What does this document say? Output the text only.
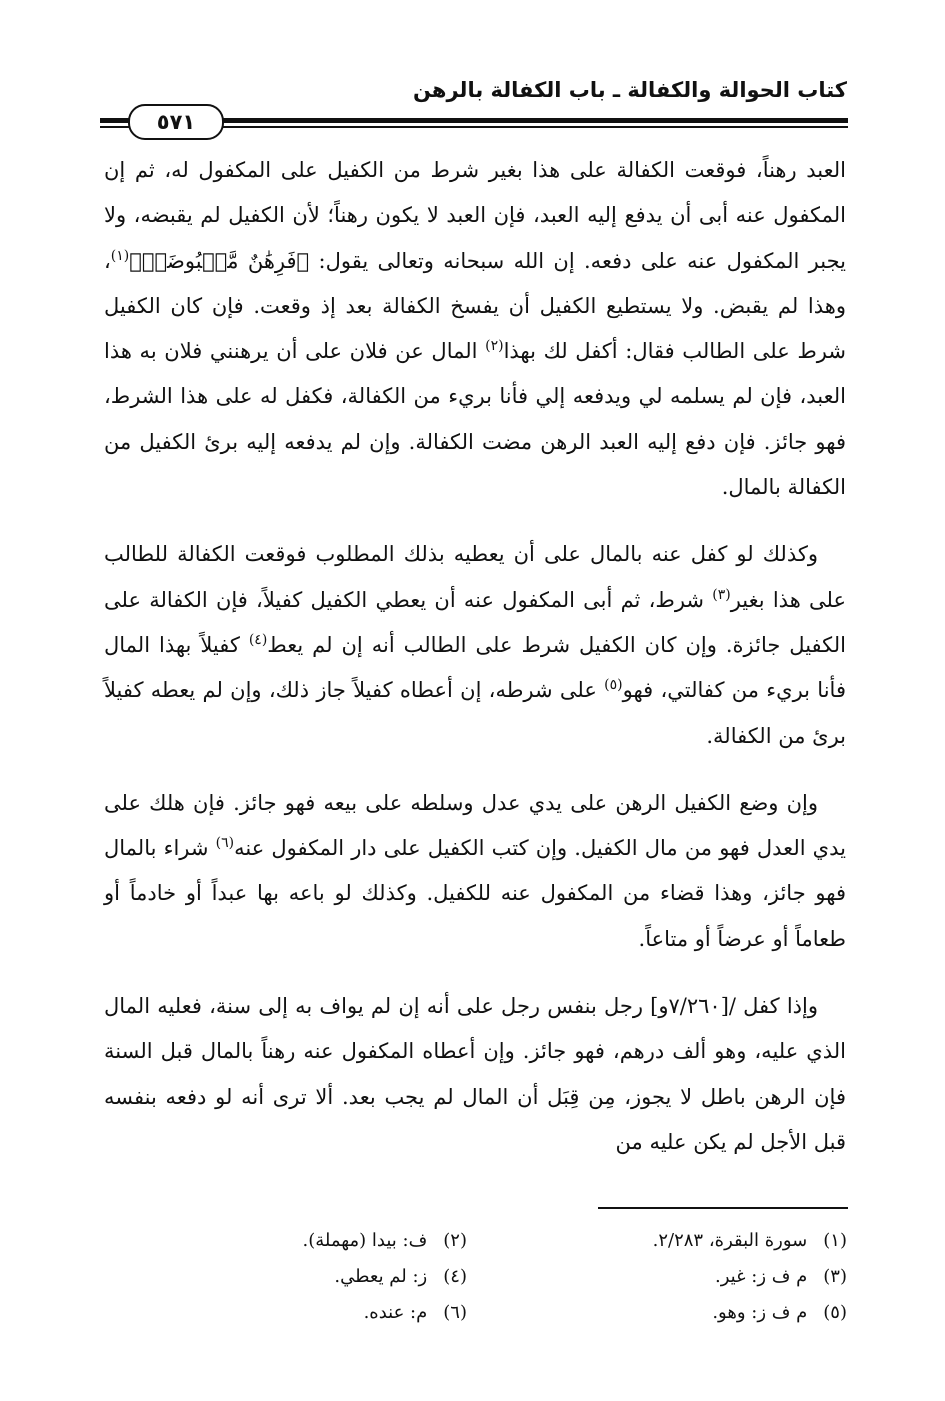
كتاب الحوالة والكفالة ـ باب الكفالة بالرهن
٥٧١

العبد رهناً، فوقعت الكفالة على هذا بغير شرط من الكفيل على المكفول له، ثم إن المكفول عنه أبى أن يدفع إليه العبد، فإن العبد لا يكون رهناً؛ لأن الكفيل لم يقبضه، ولا يجبر المكفول عنه على دفعه. إن الله سبحانه وتعالى يقول: ﴿فَرِهَٰنٌ مَّقۡبُوضَةٞ﴾$^{(١)}$، وهذا لم يقبض. ولا يستطيع الكفيل أن يفسخ الكفالة بعد إذ وقعت. فإن كان الكفيل شرط على الطالب فقال: أكفل لك بهذا$^{(٢)}$ المال عن فلان على أن يرهنني فلان به هذا العبد، فإن لم يسلمه لي ويدفعه إلي فأنا بريء من الكفالة، فكفل له على هذا الشرط، فهو جائز. فإن دفع إليه العبد الرهن مضت الكفالة. وإن لم يدفعه إليه برئ الكفيل من الكفالة بالمال.

وكذلك لو كفل عنه بالمال على أن يعطيه بذلك المطلوب فوقعت الكفالة للطالب على هذا بغير$^{(٣)}$ شرط، ثم أبى المكفول عنه أن يعطي الكفيل كفيلاً، فإن الكفالة على الكفيل جائزة. وإن كان الكفيل شرط على الطالب أنه إن لم يعط$^{(٤)}$ كفيلاً بهذا المال فأنا بريء من كفالتي، فهو$^{(٥)}$ على شرطه، إن أعطاه كفيلاً جاز ذلك، وإن لم يعطه كفيلاً برئ من الكفالة.

وإن وضع الكفيل الرهن على يدي عدل وسلطه على بيعه فهو جائز. فإن هلك على يدي العدل فهو من مال الكفيل. وإن كتب الكفيل على دار المكفول عنه$^{(٦)}$ شراء بالمال فهو جائز، وهذا قضاء من المكفول عنه للكفيل. وكذلك لو باعه بها عبداً أو خادماً أو طعاماً أو عرضاً أو متاعاً.

وإذا كفل /[٧/٢٦٠و] رجل بنفس رجل على أنه إن لم يواف به إلى سنة، فعليه المال الذي عليه، وهو ألف درهم، فهو جائز. وإن أعطاه المكفول عنه رهناً بالمال قبل السنة فإن الرهن باطل لا يجوز، مِن قِبَل أن المال لم يجب بعد. ألا ترى أنه لو دفعه بنفسه قبل الأجل لم يكن عليه من

(١) سورة البقرة، ٢/٢٨٣.
(٢) ف: بيدا (مهملة).
(٣) م ف ز: غير.
(٤) ز: لم يعطي.
(٥) م ف ز: وهو.
(٦) م: عنده.
